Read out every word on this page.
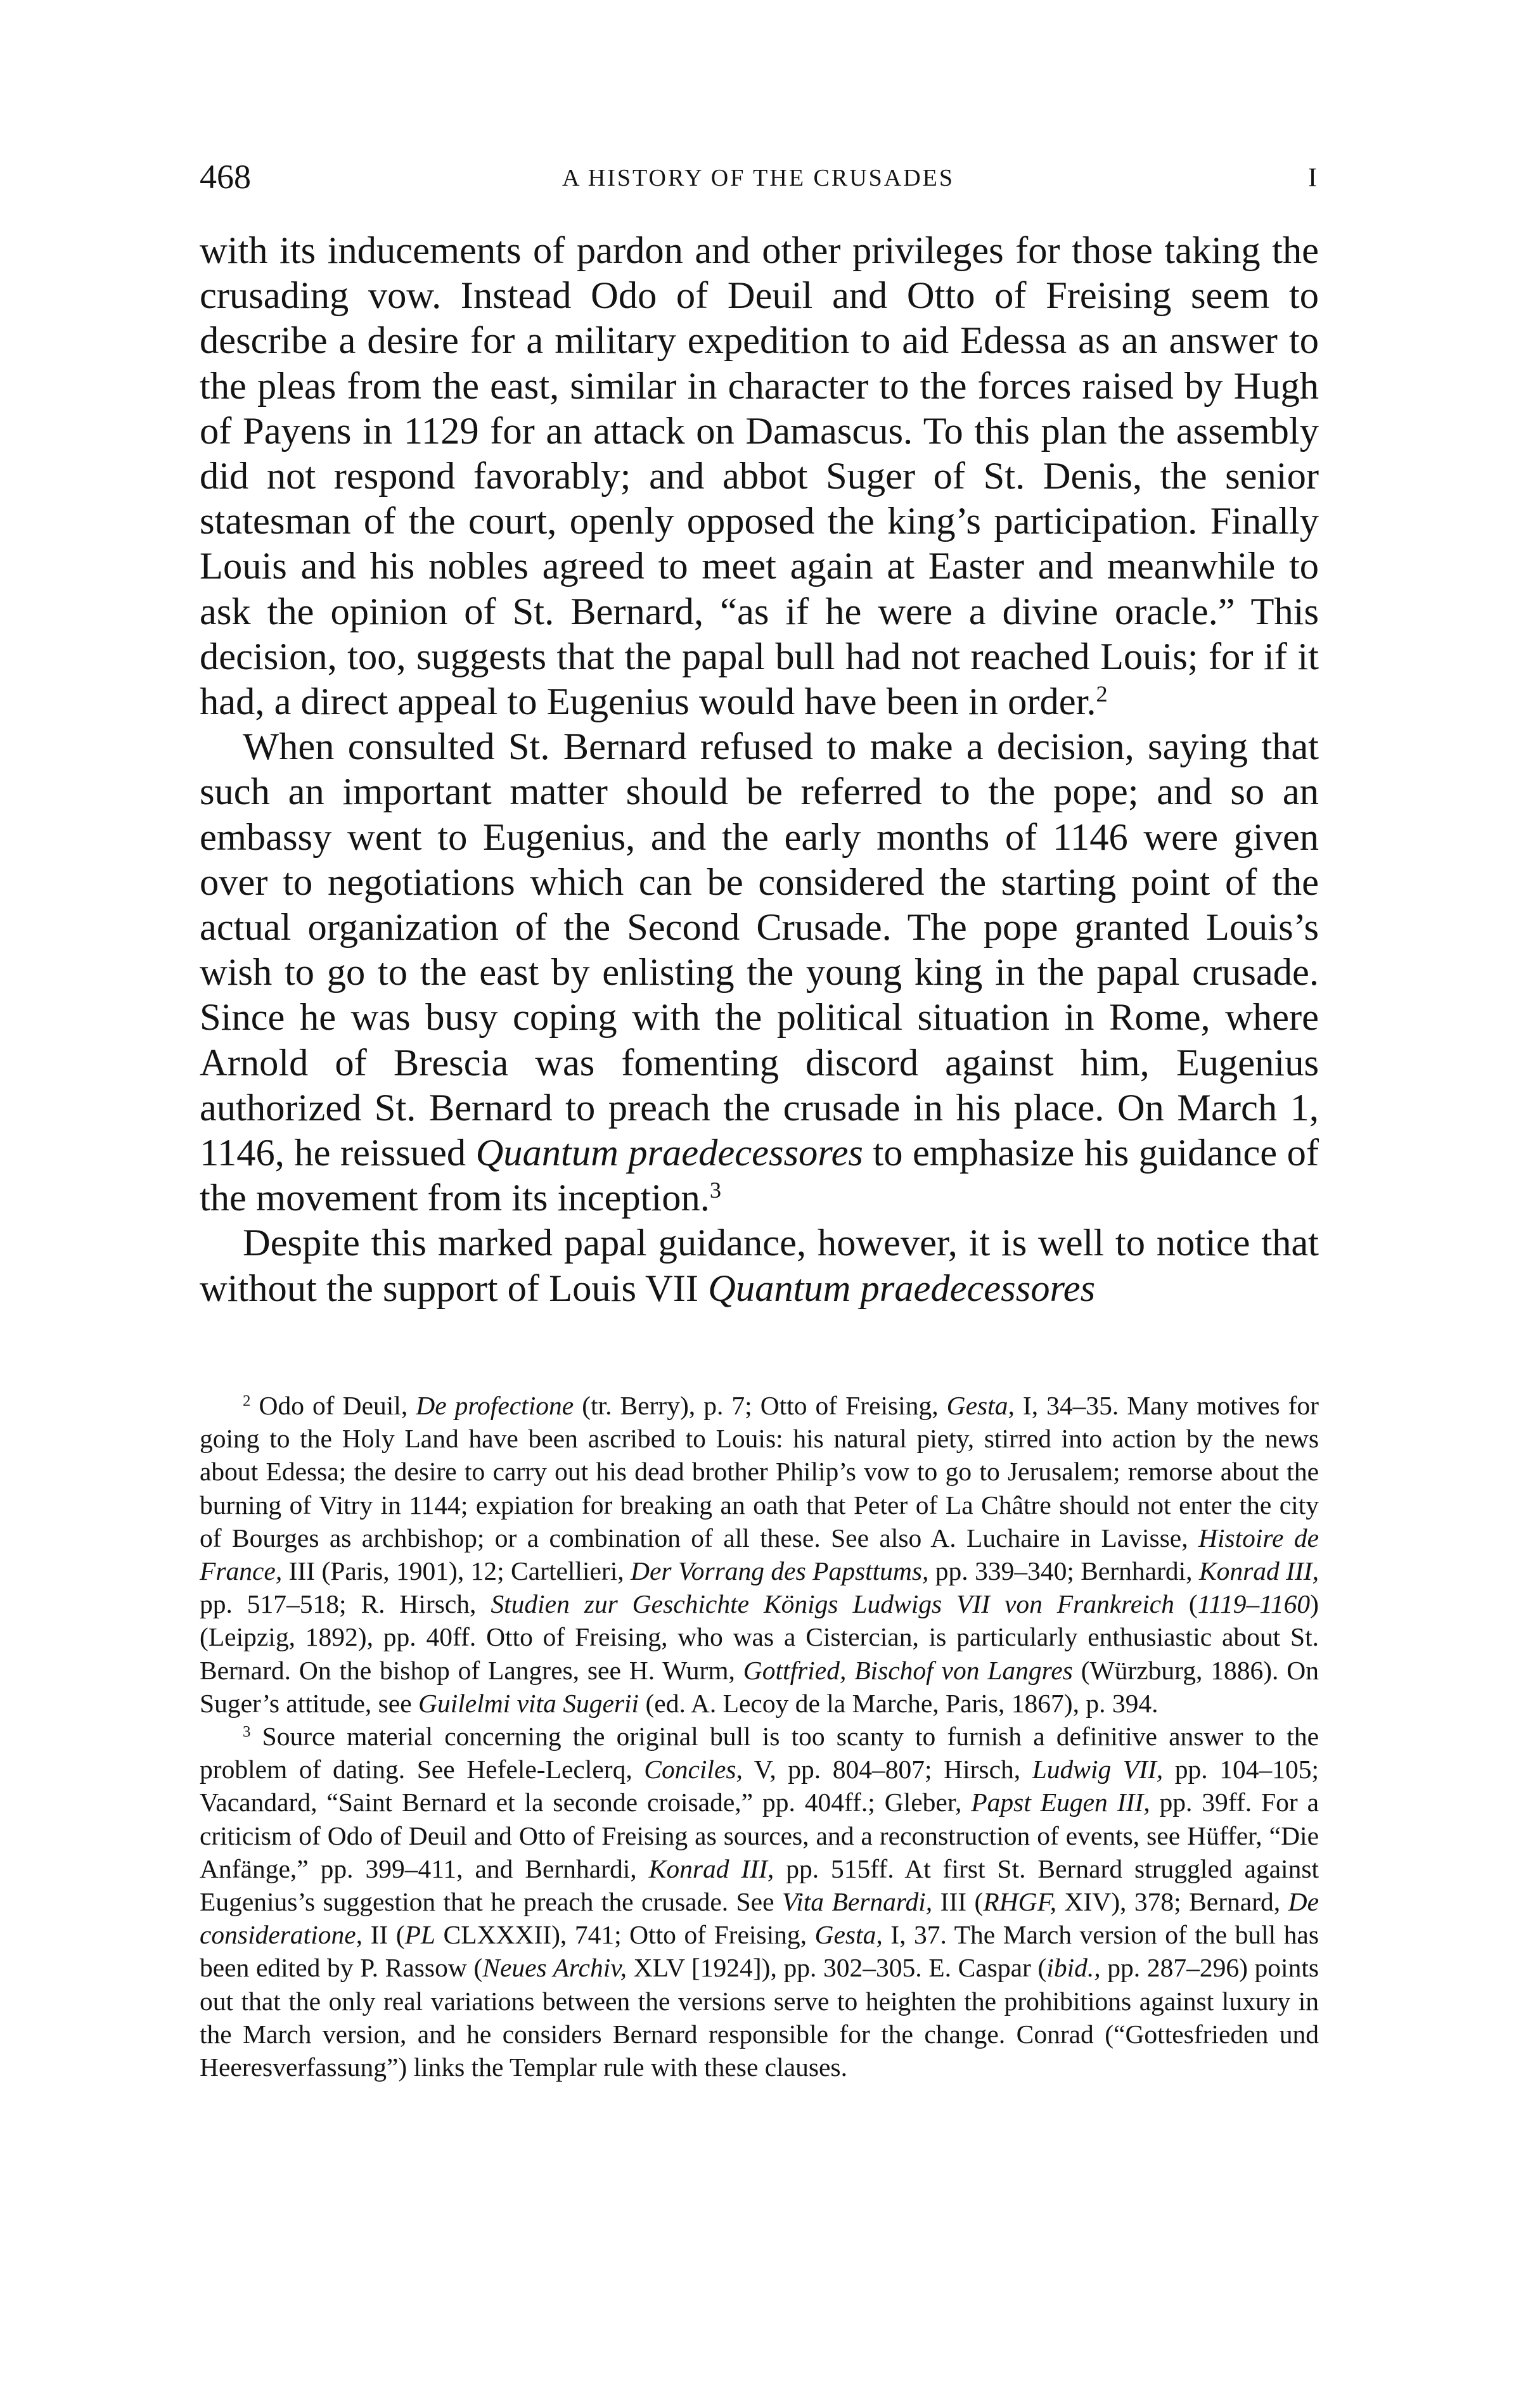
468	A HISTORY OF THE CRUSADES	I

with its inducements of pardon and other privileges for those taking the crusading vow. Instead Odo of Deuil and Otto of Freising seem to describe a desire for a military expedition to aid Edessa as an answer to the pleas from the east, similar in character to the forces raised by Hugh of Payens in 1129 for an attack on Damascus. To this plan the assembly did not respond favorably; and abbot Suger of St. Denis, the senior statesman of the court, openly opposed the king’s participation. Finally Louis and his nobles agreed to meet again at Easter and meanwhile to ask the opinion of St. Bernard, “as if he were a divine oracle.” This decision, too, suggests that the papal bull had not reached Louis; for if it had, a direct appeal to Eugenius would have been in order.$^2$

When consulted St. Bernard refused to make a decision, saying that such an important matter should be referred to the pope; and so an embassy went to Eugenius, and the early months of 1146 were given over to negotiations which can be considered the starting point of the actual organization of the Second Crusade. The pope granted Louis’s wish to go to the east by enlisting the young king in the papal crusade. Since he was busy coping with the political situation in Rome, where Arnold of Brescia was fomenting discord against him, Eugenius authorized St. Bernard to preach the crusade in his place. On March 1, 1146, he reissued Quantum praedecessores to emphasize his guidance of the movement from its inception.$^3$

Despite this marked papal guidance, however, it is well to notice that without the support of Louis VII Quantum praedecessores

$^2$ Odo of Deuil, De profectione (tr. Berry), p. 7; Otto of Freising, Gesta, I, 34–35. Many motives for going to the Holy Land have been ascribed to Louis: his natural piety, stirred into action by the news about Edessa; the desire to carry out his dead brother Philip’s vow to go to Jerusalem; remorse about the burning of Vitry in 1144; expiation for breaking an oath that Peter of La Châtre should not enter the city of Bourges as archbishop; or a combination of all these. See also A. Luchaire in Lavisse, Histoire de France, III (Paris, 1901), 12; Cartellieri, Der Vorrang des Papsttums, pp. 339–340; Bernhardi, Konrad III, pp. 517–518; R. Hirsch, Studien zur Geschichte Königs Ludwigs VII von Frankreich (1119–1160) (Leipzig, 1892), pp. 40ff. Otto of Freising, who was a Cistercian, is particularly enthusiastic about St. Bernard. On the bishop of Langres, see H. Wurm, Gottfried, Bischof von Langres (Würzburg, 1886). On Suger’s attitude, see Guilelmi vita Sugerii (ed. A. Lecoy de la Marche, Paris, 1867), p. 394.

$^3$ Source material concerning the original bull is too scanty to furnish a definitive answer to the problem of dating. See Hefele-Leclerq, Conciles, V, pp. 804–807; Hirsch, Ludwig VII, pp. 104–105; Vacandard, “Saint Bernard et la seconde croisade,” pp. 404ff.; Gleber, Papst Eugen III, pp. 39ff. For a criticism of Odo of Deuil and Otto of Freising as sources, and a reconstruction of events, see Hüffer, “Die Anfänge,” pp. 399–411, and Bernhardi, Konrad III, pp. 515ff. At first St. Bernard struggled against Eugenius’s suggestion that he preach the crusade. See Vita Bernardi, III (RHGF, XIV), 378; Bernard, De consideratione, II (PL CLXXXII), 741; Otto of Freising, Gesta, I, 37. The March version of the bull has been edited by P. Rassow (Neues Archiv, XLV [1924]), pp. 302–305. E. Caspar (ibid., pp. 287–296) points out that the only real variations between the versions serve to heighten the prohibitions against luxury in the March version, and he considers Bernard responsible for the change. Conrad (“Gottesfrieden und Heeresverfassung”) links the Templar rule with these clauses.
